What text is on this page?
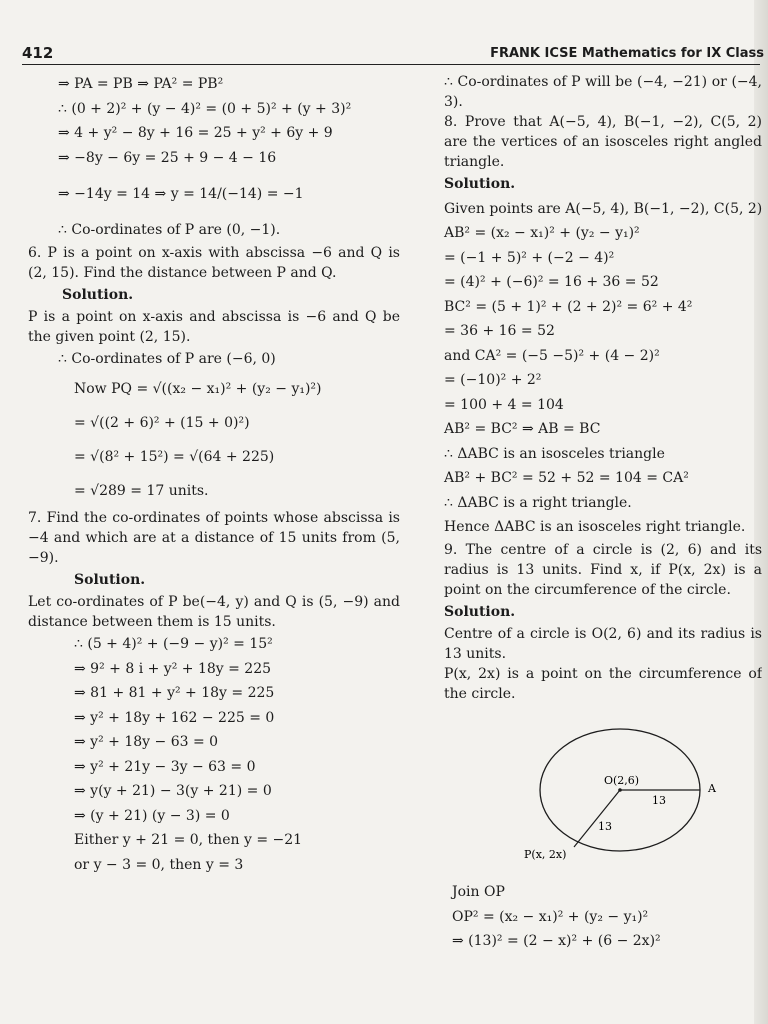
412	FRANK ICSE Mathematics for IX Class
⇒ PA = PB ⇒ PA² = PB²
∴ (0 + 2)² + (y − 4)² = (0 + 5)² + (y + 3)²
⇒ 4 + y² − 8y + 16 = 25 + y² + 6y + 9
⇒ −8y − 6y = 25 + 9 − 4 − 16
⇒ −14y = 14 ⇒ y = 14/(−14) = −1
∴ Co-ordinates of P are (0, −1).
6. P is a point on x-axis with abscissa −6 and Q is (2, 15). Find the distance between P and Q.
Solution.
P is a point on x-axis and abscissa is −6 and Q be the given point (2, 15).
∴ Co-ordinates of P are (−6, 0)
Now PQ = √((x₂ − x₁)² + (y₂ − y₁)²)
= √((2 + 6)² + (15 + 0)²)
= √(8² + 15²) = √(64 + 225)
= √289 = 17 units.
7. Find the co-ordinates of points whose abscissa is −4 and which are at a distance of 15 units from (5, −9).
Solution.
Let co-ordinates of P be(−4, y) and Q is (5, −9) and distance between them is 15 units.
∴ (5 + 4)² + (−9 − y)² = 15²
⇒ 9² + 8 i + y² + 18y = 225
⇒ 81 + 81 + y² + 18y = 225
⇒ y² + 18y + 162 − 225 = 0
⇒ y² + 18y − 63 = 0
⇒ y² + 21y − 3y − 63 = 0
⇒ y(y + 21) − 3(y + 21) = 0
⇒ (y + 21) (y − 3) = 0
Either y + 21 = 0, then y = −21
or y − 3 = 0, then y = 3
∴ Co-ordinates of P will be (−4, −21) or (−4, 3).
8. Prove that A(−5, 4), B(−1, −2), C(5, 2) are the vertices of an isosceles right angled triangle.
Solution.
Given points are A(−5, 4), B(−1, −2), C(5, 2)
AB² = (x₂ − x₁)² + (y₂ − y₁)²
= (−1 + 5)² + (−2 − 4)²
= (4)² + (−6)² = 16 + 36 = 52
BC² = (5 + 1)² + (2 + 2)² = 6² + 4²
= 36 + 16 = 52
and CA² = (−5 −5)² + (4 − 2)²
= (−10)² + 2²
= 100 + 4 = 104
AB² = BC² ⇒ AB = BC
∴ ΔABC is an isosceles triangle
AB² + BC² = 52 + 52 = 104 = CA²
∴ ΔABC is a right triangle.
Hence ΔABC is an isosceles right triangle.
9. The centre of a circle is (2, 6) and its radius is 13 units. Find x, if P(x, 2x) is a point on the circumference of the circle.
Solution.
Centre of a circle is O(2, 6) and its radius is 13 units.
P(x, 2x) is a point on the circumference of the circle.
O(2,6)
A
13
13
P(x, 2x)
Join OP
OP² = (x₂ − x₁)² + (y₂ − y₁)²
⇒ (13)² = (2 − x)² + (6 − 2x)²
